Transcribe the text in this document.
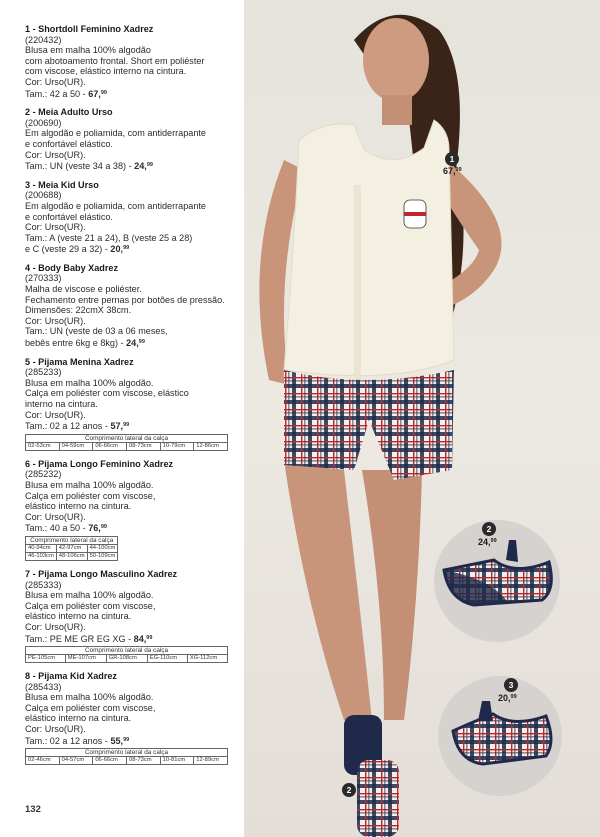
1 - Shortdoll Feminino Xadrez
(220432)
Blusa em malha 100% algodão
com abotoamento frontal. Short em poliéster
com viscose, elástico interno na cintura.
Cor: Urso(UR).
Tam.: 42 a 50 - 67,99
2 - Meia Adulto Urso
(200690)
Em algodão e poliamida, com antiderrapante
e confortável elástico.
Cor: Urso(UR).
Tam.: UN (veste 34 a 38) - 24,99
3 - Meia Kid Urso
(200688)
Em algodão e poliamida, com antiderrapante
e confortável elástico.
Cor: Urso(UR).
Tam.: A (veste 21 a 24), B (veste 25 a 28)
e C (veste 29 a 32) - 20,99
4 - Body Baby Xadrez
(270333)
Malha de viscose e poliéster.
Fechamento entre pernas por botões de pressão.
Dimensões: 22cmX 38cm.
Cor: Urso(UR).
Tam.: UN (veste de 03 a 06 meses,
bebês entre 6kg e 8kg) - 24,99
5 - Pijama Menina Xadrez
(285233)
Blusa em malha 100% algodão.
Calça em poliéster com viscose, elástico
interno na cintura.
Cor: Urso(UR).
Tam.: 02 a 12 anos - 57,99
Comprimento lateral da calça
02-53cm	04-59cm	06-66cm	08-73cm	10-79cm	12-86cm
6 - Pijama Longo Feminino Xadrez
(285232)
Blusa em malha 100% algodão.
Calça em poliéster com viscose,
elástico interno na cintura.
Cor: Urso(UR).
Tam.: 40 a 50 - 76,99
Comprimento lateral da calça		
40-94cm	42-97cm	44-100cm
46-103cm	48-106cm	50-109cm
7 - Pijama Longo Masculino Xadrez
(285333)
Blusa em malha 100% algodão.
Calça em poliéster com viscose,
elástico interno na cintura.
Cor: Urso(UR).
Tam.: PE ME GR EG XG - 84,99
Comprimento lateral da calça
PE-105cm	ME-107cm	GR-108cm	EG-110cm	XG-112cm
8 - Pijama Kid Xadrez
(285433)
Blusa em malha 100% algodão.
Calça em poliéster com viscose,
elástico interno na cintura.
Cor: Urso(UR).
Tam.: 02 a 12 anos - 55,99
Comprimento lateral da calça
02-46cm	04-57cm	06-66cm	08-73cm	10-81cm	12-89cm
132
1
67,99
2
24,99
3
20,99
2
